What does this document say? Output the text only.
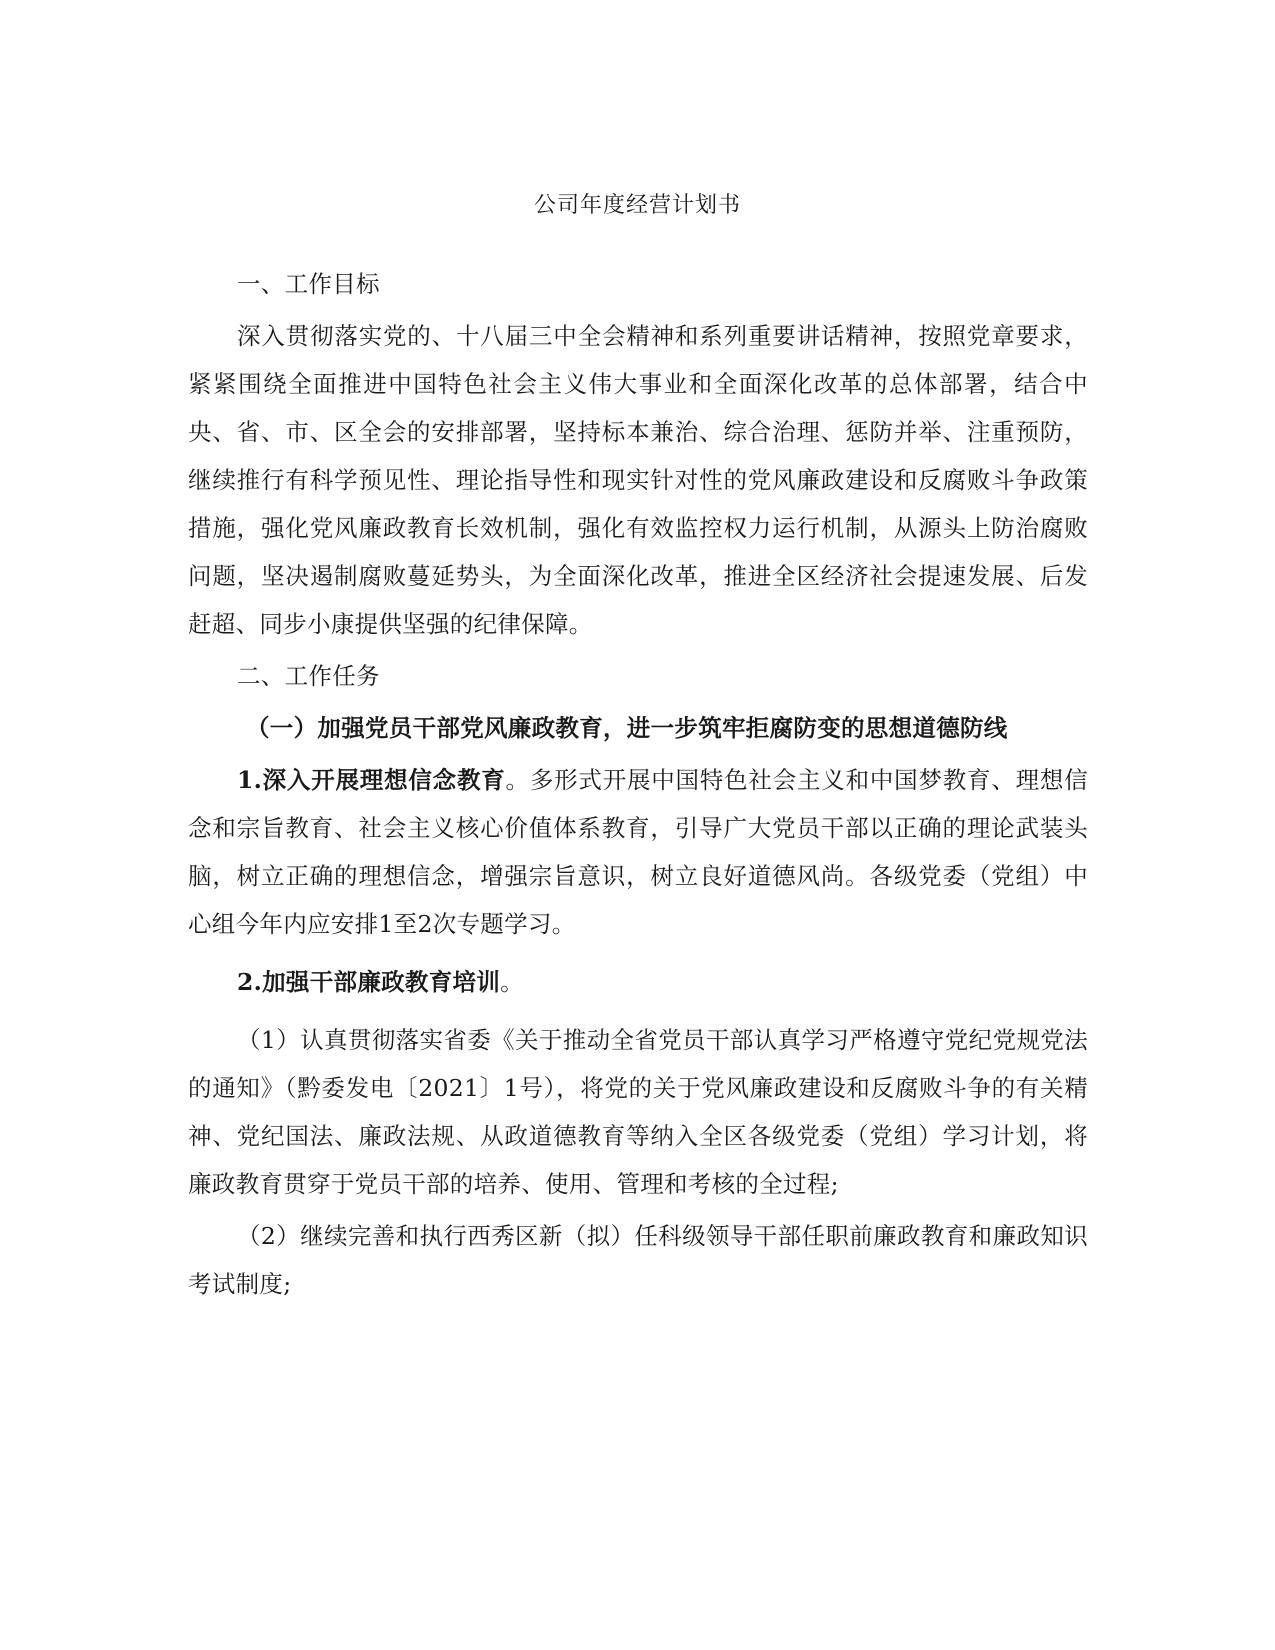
公司年度经营计划书

一、工作目标

深入贯彻落实党的、十八届三中全会精神和系列重要讲话精神，按照党章要求，紧紧围绕全面推进中国特色社会主义伟大事业和全面深化改革的总体部署，结合中央、省、市、区全会的安排部署，坚持标本兼治、综合治理、惩防并举、注重预防，继续推行有科学预见性、理论指导性和现实针对性的党风廉政建设和反腐败斗争政策措施，强化党风廉政教育长效机制，强化有效监控权力运行机制，从源头上防治腐败问题，坚决遏制腐败蔓延势头，为全面深化改革，推进全区经济社会提速发展、后发赶超、同步小康提供坚强的纪律保障。

二、工作任务

（一）加强党员干部党风廉政教育，进一步筑牢拒腐防变的思想道德防线

1.深入开展理想信念教育。多形式开展中国特色社会主义和中国梦教育、理想信念和宗旨教育、社会主义核心价值体系教育，引导广大党员干部以正确的理论武装头脑，树立正确的理想信念，增强宗旨意识，树立良好道德风尚。各级党委（党组）中心组今年内应安排1至2次专题学习。

2.加强干部廉政教育培训。

（1）认真贯彻落实省委《关于推动全省党员干部认真学习严格遵守党纪党规党法的通知》（黔委发电〔2021〕1号），将党的关于党风廉政建设和反腐败斗争的有关精神、党纪国法、廉政法规、从政道德教育等纳入全区各级党委（党组）学习计划，将廉政教育贯穿于党员干部的培养、使用、管理和考核的全过程;

（2）继续完善和执行西秀区新（拟）任科级领导干部任职前廉政教育和廉政知识考试制度;
